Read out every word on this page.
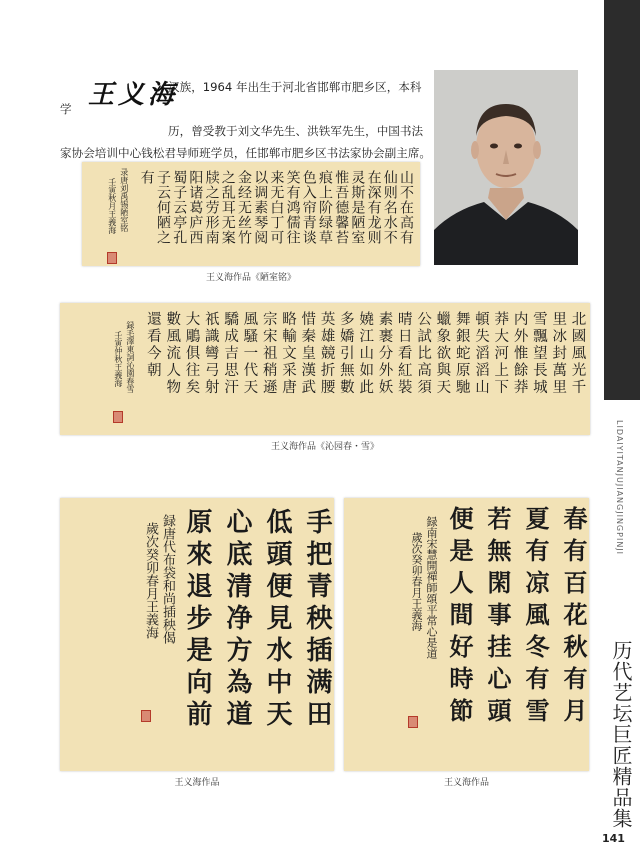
LIDAIYITANJUJIANGJINGPINJI
历代艺坛巨匠精品集
141
汉族，1964 年出生于河北省邯郸市肥乡区，本科学
历，曾受教于刘文华先生、洪铁军先生，中国书法
家协会培训中心钱松君导师班学员，任邯郸市肥乡区书法家协会副主席。
王义海
山不在高有
仙则名水不
在深有龙则
灵斯是陋室
惟吾德馨苔
痕上阶绿草
色入帘青谈
笑有鸿儒往
来无白丁可
以调素琴阅
金经无丝竹
之乱耳无案
牍之劳形南
阳诸葛庐西
蜀子云亭孔
子云何陋之
有
录唐刘禹锡陋室铭
壬寅秋月王義海
王义海作品《陋室铭》
北國風光千
里冰封萬里
雪飄望長城
内外惟餘莽
莽大河上下
頓失滔滔山
舞銀蛇原馳
蠟象欲與天
公試比高須
晴日看紅裝
素裹分外妖
嬈江山如此
多嬌引無數
英雄競折腰
惜秦皇漢武
略輸文采唐
宗宋祖稍遜
風騷一代天
驕成吉思汗
祇識彎弓射
大鵰俱往矣
數風流人物
還看今朝
録毛澤東詞沁園春雪
壬寅仲秋王義海
王义海作品《沁园春・雪》
手把青秧插满田
低頭便見水中天
心底清净方為道
原來退步是向前
録唐代布袋和尚插秧偈
歲次癸卯春月王義海
王义海作品
春有百花秋有月
夏有凉風冬有雪
若無閑事挂心頭
便是人間好時節
録南宋慧開禪師頌平常心是道
歲次癸卯春月王義海
王义海作品
